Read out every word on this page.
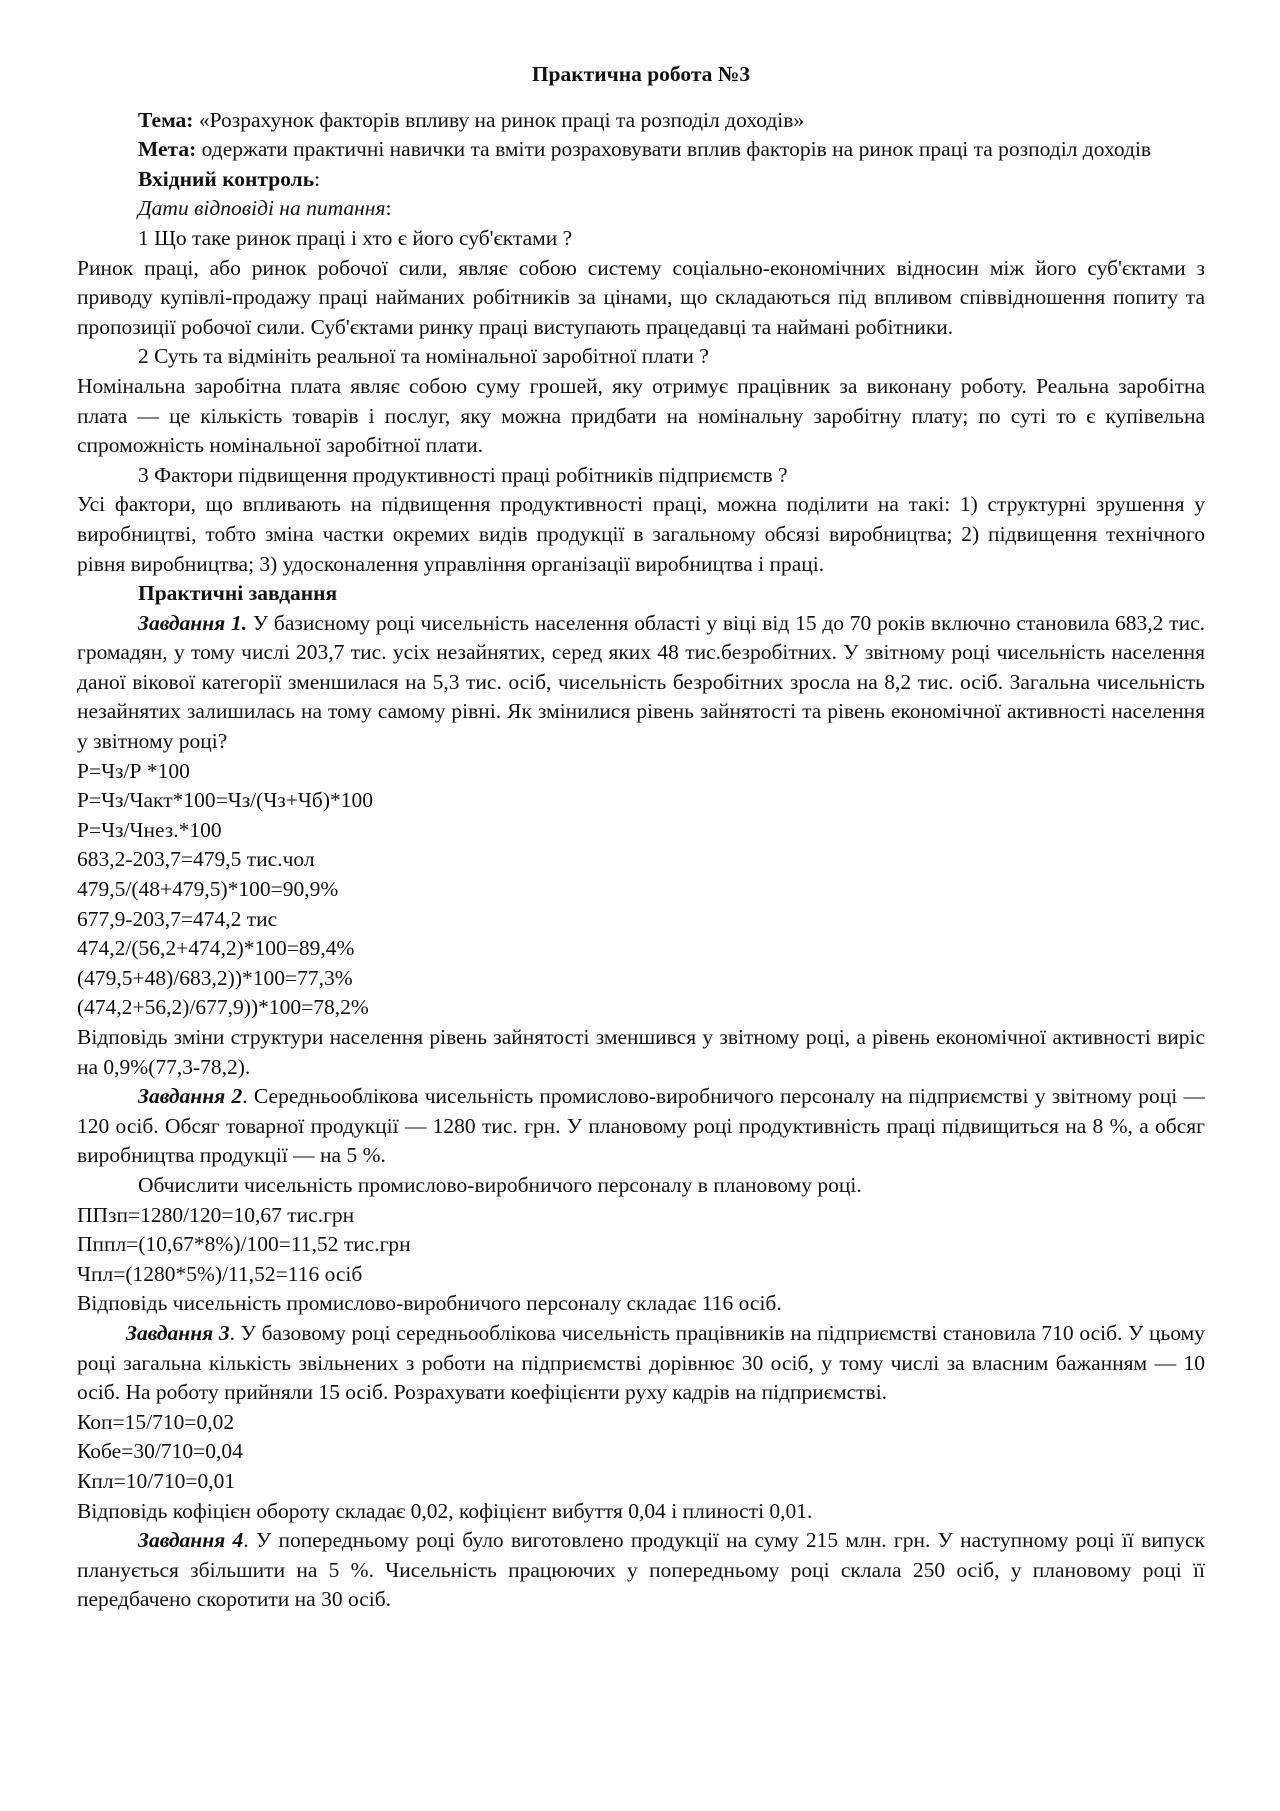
Практична робота №3

Тема: «Розрахунок факторів впливу на ринок праці та розподіл доходів»

Мета: одержати практичні навички та вміти розраховувати вплив факторів на ринок праці та розподіл доходів

Вхідний контроль:

Дати відповіді на питання:

1 Що таке ринок праці і хто є його суб'єктами ?

Ринок праці, або ринок робочої сили, являє собою систему соціально-економічних відносин між його суб'єктами з приводу купівлі-продажу праці найманих робітників за цінами, що складаються під впливом співвідношення попиту та пропозиції робочої сили. Суб'єктами ринку праці виступають працедавці та наймані робітники.

2 Суть та відмініть реальної та номінальної заробітної плати ?

Номінальна заробітна плата являє собою суму грошей, яку отримує працівник за виконану роботу. Реальна заробітна плата — це кількість товарів і послуг, яку можна придбати на номінальну заробітну плату; по суті то є купівельна спроможність номінальної заробітної плати.

3 Фактори підвищення продуктивності праці робітників підприємств ?

Усі фактори, що впливають на підвищення продуктивності праці, можна поділити на такі: 1) структурні зрушення у виробництві, тобто зміна частки окремих видів продукції в загальному обсязі виробництва; 2) підвищення технічного рівня виробництва; 3) удосконалення управління організації виробництва і праці.

Практичні завдання

Завдання 1. У базисному році чисельність населення області у віці від 15 до 70 років включно становила 683,2 тис. громадян, у тому числі 203,7 тис. усіх незайнятих, серед яких 48 тис.безробітних. У звітному році чисельність населення даної вікової категорії зменшилася на 5,3 тис. осіб, чисельність безробітних зросла на 8,2 тис. осіб. Загальна чисельність незайнятих залишилась на тому самому рівні. Як змінилися рівень зайнятості та рівень економічної активності населення у звітному році?

Р=Чз/Р *100

Р=Чз/Чакт*100=Чз/(Чз+Чб)*100

Р=Чз/Чнез.*100

683,2-203,7=479,5 тис.чол

479,5/(48+479,5)*100=90,9%

677,9-203,7=474,2 тис

474,2/(56,2+474,2)*100=89,4%

(479,5+48)/683,2))*100=77,3%

(474,2+56,2)/677,9))*100=78,2%

Відповідь зміни структури населення рівень зайнятості зменшився у звітному році, а рівень економічної активності виріс на 0,9%(77,3-78,2).

Завдання 2. Середньооблікова чисельність промислово-виробничого персоналу на підприємстві у звітному році — 120 осіб. Обсяг товарної продукції — 1280 тис. грн. У плановому році продуктивність праці підвищиться на 8 %, а обсяг виробництва продукції — на 5 %.

Обчислити чисельність промислово-виробничого персоналу в плановому році.

ППзп=1280/120=10,67 тис.грн

Пппл=(10,67*8%)/100=11,52 тис.грн

Чпл=(1280*5%)/11,52=116 осіб

Відповідь чисельність промислово-виробничого персоналу складає 116 осіб.

Завдання 3. У базовому році середньооблікова чисельність працівників на підприємстві становила 710 осіб. У цьому році загальна кількість звільнених з роботи на підприємстві дорівнює 30 осіб, у тому числі за власним бажанням — 10 осіб. На роботу прийняли 15 осіб. Розрахувати коефіцієнти руху кадрів на підприємстві.

Коп=15/710=0,02

Кобе=30/710=0,04

Кпл=10/710=0,01

Відповідь кофіцієн обороту складає 0,02, кофіцієнт вибуття 0,04 і плиності 0,01.

Завдання 4. У попередньому році було виготовлено продукції на суму 215 млн. грн. У наступному році її випуск планується збільшити на 5 %. Чисельність працюючих у попередньому році склала 250 осіб, у плановому році її передбачено скоротити на 30 осіб.
